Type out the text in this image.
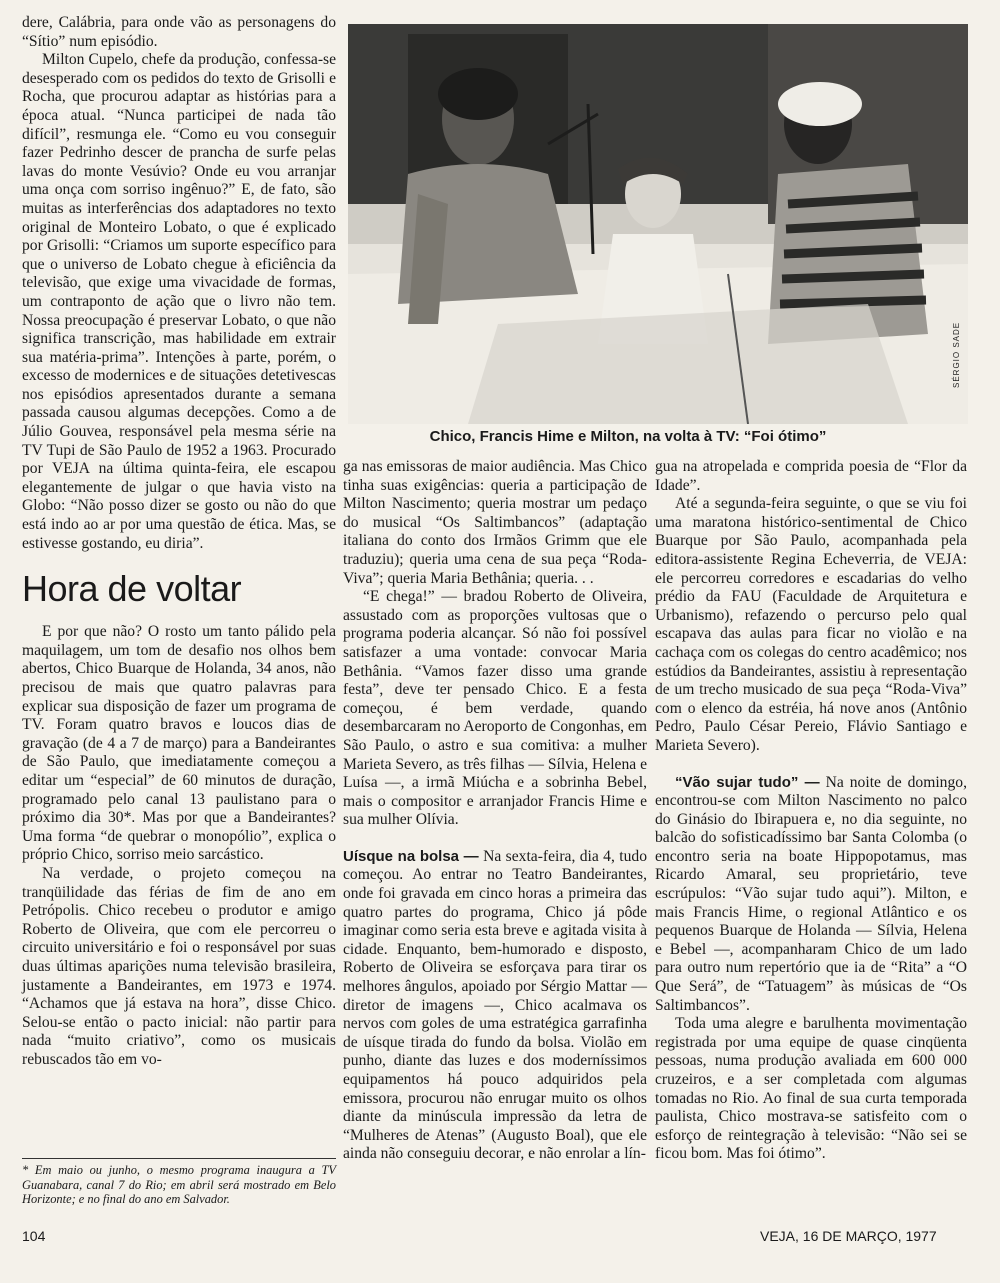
dere, Calábria, para onde vão as personagens do “Sítio” num episódio.

Milton Cupelo, chefe da produção, confessa-se desesperado com os pedidos do texto de Grisolli e Rocha, que procurou adaptar as histórias para a época atual. “Nunca participei de nada tão difícil”, resmunga ele. “Como eu vou conseguir fazer Pedrinho descer de prancha de surfe pelas lavas do monte Vesúvio? Onde eu vou arranjar uma onça com sorriso ingênuo?” E, de fato, são muitas as interferências dos adaptadores no texto original de Monteiro Lobato, o que é explicado por Grisolli: “Criamos um suporte específico para que o universo de Lobato chegue à eficiência da televisão, que exige uma vivacidade de formas, um contraponto de ação que o livro não tem. Nossa preocupação é preservar Lobato, o que não significa transcrição, mas habilidade em extrair sua matéria-prima”. Intenções à parte, porém, o excesso de modernices e de situações detetivescas nos episódios apresentados durante a semana passada causou algumas decepções. Como a de Júlio Gouvea, responsável pela mesma série na TV Tupi de São Paulo de 1952 a 1963. Procurado por VEJA na última quinta-feira, ele escapou elegantemente de julgar o que havia visto na Globo: “Não posso dizer se gosto ou não do que está indo ao ar por uma questão de ética. Mas, se estivesse gostando, eu diria”.

Hora de voltar

E por que não? O rosto um tanto pálido pela maquilagem, um tom de desafio nos olhos bem abertos, Chico Buarque de Holanda, 34 anos, não precisou de mais que quatro palavras para explicar sua disposição de fazer um programa de TV. Foram quatro bravos e loucos dias de gravação (de 4 a 7 de março) para a Bandeirantes de São Paulo, que imediatamente começou a editar um “especial” de 60 minutos de duração, programado pelo canal 13 paulistano para o próximo dia 30*. Mas por que a Bandeirantes? Uma forma “de quebrar o monopólio”, explica o próprio Chico, sorriso meio sarcástico.

Na verdade, o projeto começou na tranqüilidade das férias de fim de ano em Petrópolis. Chico recebeu o produtor e amigo Roberto de Oliveira, que com ele percorreu o circuito universitário e foi o responsável por suas duas últimas aparições numa televisão brasileira, justamente a Bandeirantes, em 1973 e 1974. “Achamos que já estava na hora”, disse Chico. Selou-se então o pacto inicial: não partir para nada “muito criativo”, como os musicais rebuscados tão em vo-

* Em maio ou junho, o mesmo programa inaugura a TV Guanabara, canal 7 do Rio; em abril será mostrado em Belo Horizonte; e no final do ano em Salvador.
SÉRGIO SADE
Chico, Francis Hime e Milton, na volta à TV: “Foi ótimo”

ga nas emissoras de maior audiência. Mas Chico tinha suas exigências: queria a participação de Milton Nascimento; queria mostrar um pedaço do musical “Os Saltimbancos” (adaptação italiana do conto dos Irmãos Grimm que ele traduziu); queria uma cena de sua peça “Roda-Viva”; queria Maria Bethânia; queria. . .

“E chega!” — bradou Roberto de Oliveira, assustado com as proporções vultosas que o programa poderia alcançar. Só não foi possível satisfazer a uma vontade: convocar Maria Bethânia. “Vamos fazer disso uma grande festa”, deve ter pensado Chico. E a festa começou, é bem verdade, quando desembarcaram no Aeroporto de Congonhas, em São Paulo, o astro e sua comitiva: a mulher Marieta Severo, as três filhas — Sílvia, Helena e Luísa —, a irmã Miúcha e a sobrinha Bebel, mais o compositor e arranjador Francis Hime e sua mulher Olívia.

Uísque na bolsa — Na sexta-feira, dia 4, tudo começou. Ao entrar no Teatro Bandeirantes, onde foi gravada em cinco horas a primeira das quatro partes do programa, Chico já pôde imaginar como seria esta breve e agitada visita à cidade. Enquanto, bem-humorado e disposto, Roberto de Oliveira se esforçava para tirar os melhores ângulos, apoiado por Sérgio Mattar — diretor de imagens —, Chico acalmava os nervos com goles de uma estratégica garrafinha de uísque tirada do fundo da bolsa. Violão em punho, diante das luzes e dos moderníssimos equipamentos há pouco adquiridos pela emissora, procurou não enrugar muito os olhos diante da minúscula impressão da letra de “Mulheres de Atenas” (Augusto Boal), que ele ainda não conseguiu decorar, e não enrolar a lín-

gua na atropelada e comprida poesia de “Flor da Idade”.

Até a segunda-feira seguinte, o que se viu foi uma maratona histórico-sentimental de Chico Buarque por São Paulo, acompanhada pela editora-assistente Regina Echeverria, de VEJA: ele percorreu corredores e escadarias do velho prédio da FAU (Faculdade de Arquitetura e Urbanismo), refazendo o percurso pelo qual escapava das aulas para ficar no violão e na cachaça com os colegas do centro acadêmico; nos estúdios da Bandeirantes, assistiu à representação de um trecho musicado de sua peça “Roda-Viva” com o elenco da estréia, há nove anos (Antônio Pedro, Paulo César Pereio, Flávio Santiago e Marieta Severo).

“Vão sujar tudo” — Na noite de domingo, encontrou-se com Milton Nascimento no palco do Ginásio do Ibirapuera e, no dia seguinte, no balcão do sofisticadíssimo bar Santa Colomba (o encontro seria na boate Hippopotamus, mas Ricardo Amaral, seu proprietário, teve escrúpulos: “Vão sujar tudo aqui”). Milton, e mais Francis Hime, o regional Atlântico e os pequenos Buarque de Holanda — Sílvia, Helena e Bebel —, acompanharam Chico de um lado para outro num repertório que ia de “Rita” a “O Que Será”, de “Tatuagem” às músicas de “Os Saltimbancos”.

Toda uma alegre e barulhenta movimentação registrada por uma equipe de quase cinqüenta pessoas, numa produção avaliada em 600 000 cruzeiros, e a ser completada com algumas tomadas no Rio. Ao final de sua curta temporada paulista, Chico mostrava-se satisfeito com o esforço de reintegração à televisão: “Não sei se ficou bom. Mas foi ótimo”.

104	VEJA, 16 DE MARÇO, 1977
